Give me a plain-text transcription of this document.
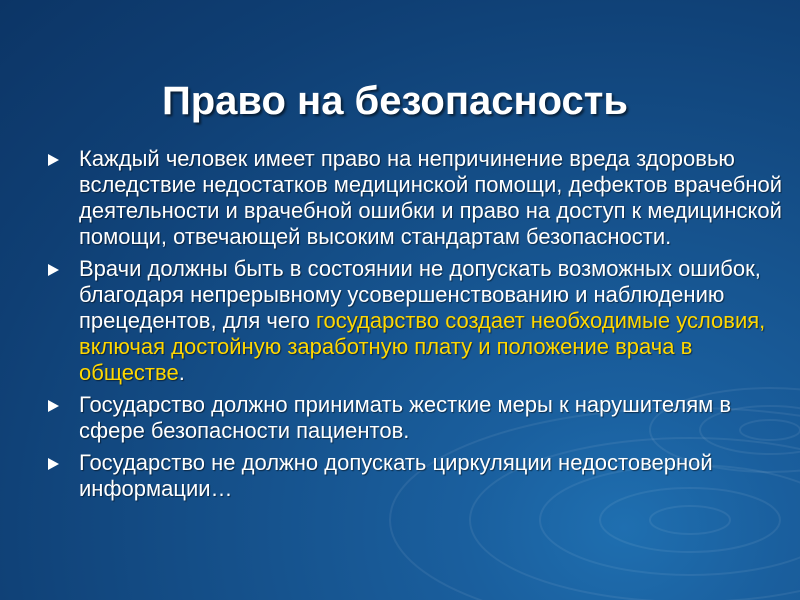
Право на безопасность
Каждый человек имеет право на непричинение вреда здоровью вследствие недостатков медицинской помощи, дефектов врачебной деятельности и врачебной ошибки и право на доступ к медицинской помощи, отвечающей высоким стандартам безопасности.
Врачи должны быть в состоянии не допускать возможных ошибок, благодаря непрерывному усовершенствованию и наблюдению прецедентов, для чего государство создает необходимые условия, включая достойную заработную плату и положение врача в обществе.
Государство должно принимать жесткие меры к нарушителям в сфере безопасности пациентов.
Государство не должно допускать циркуляции недостоверной информации…
